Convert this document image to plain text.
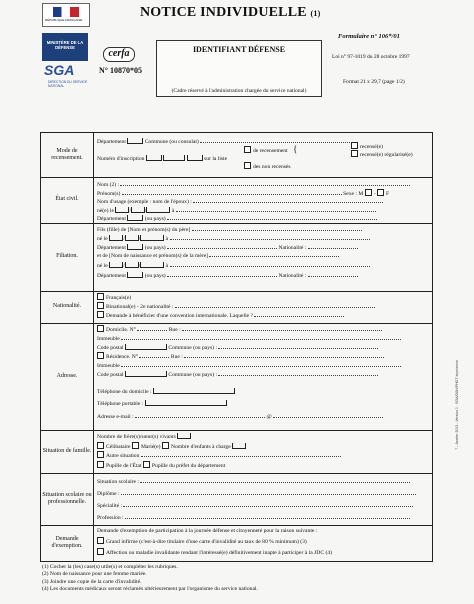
RÉPUBLIQUE FRANÇAISE
MINISTÈRE DE LA DÉFENSE
SGA
DIRECTION DU SERVICE NATIONAL
cerfa
N° 10870*05
NOTICE INDIVIDUELLE (1)
IDENTIFIANT DÉFENSE
(Cadre réservé à l'administration chargée du service national)
Formulaire n° 106*/01
Loi n° 97-1019 du 28 octobre 1997
Format 21 x 29,7 (page 1/2)
Mode de recensement.
Département	Commune (ou consulat)
de recensement {	recensé(e)
recensé(e) régularisé(e)
Numéro d'inscription	sur la liste
des non recensés
État civil.
Nom (2) :
Prénom(s)	Sexe : M - F
Nom d'usage (exemple : nom de l'époux) :
né(e) le	/	/	à
Département	(ou pays)
Filiation.
Fils (fille) de [Nom et prénom(s) du père]
né le	/	/	à
Département	(ou pays)	Nationalité :
et de [Nom de naissance et prénom(s) de la mère]
né le	/	/	à
Département	(ou pays)	Nationalité :
Nationalité.
Français(e)
Binational(e) - 2e nationalité :
Demande à bénéficier d'une convention internationale. Laquelle ?
Adresse.
Domicile. N°	Rue :
Immeuble
Code postal	Commune (ou pays) :
Résidence. N°	Rue :
Immeuble
Code postal	Commune (ou pays) :
Téléphone du domicile :
Téléphone portable :
Adresse e-mail :	@
Situation de famille.
Nombre de frère(s)/sœur(s) vivants
Célibataire Marié(e) Nombre d'enfants à charge
Autre situation
Pupille de l'État Pupille du préfet du département
Situation scolaire ou professionnelle.
Situation scolaire :
Diplôme :
Spécialité :
Profession :
Demande d'exemption.
Demande d'exemption de participation à la journée défense et citoyenneté pour la raison suivante :
Grand infirme (c'est-à-dire titulaire d'une carte d'invalidité au taux de 80 % minimum) (3)
Affection ou maladie invalidante rendant l'intéressé(e) définitivement inapte à participer à la JDC (4)
(1) Cocher la (les) case(s) utile(s) et compléter les rubriques.
(2) Nom de naissance pour une femme mariée.
(3) Joindre une copie de la carte d'invalidité.
(4) Les documents médicaux seront réclamés ultérieurement par l'organisme du service national.
7 - Janvier 2013 - Version 1 · SGA/DSN/PHOT Imprimerie
